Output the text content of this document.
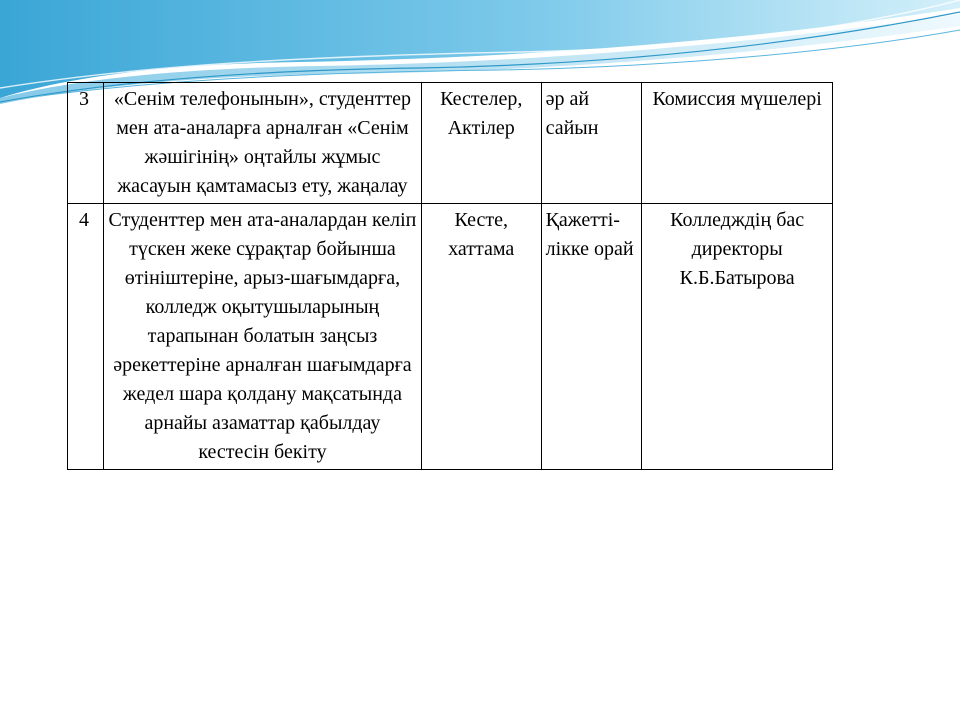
3	«Сенім телефонынын», студенттер мен ата-аналарға арналған «Сенім жәшігінің» оңтайлы жұмыс жасауын қамтамасыз ету, жаңалау	Кестелер, Актілер	әр ай сайын	Комиссия мүшелері
4	Студенттер мен ата-аналардан келіп түскен жеке сұрақтар бойынша өтініштеріне, арыз-шағымдарға, колледж оқытушыларының тарапынан болатын заңсыз әрекеттеріне арналған шағымдарға жедел шара қолдану мақсатында арнайы азаматтар қабылдау кестесін бекіту	Кесте, хаттама	Қажетті-лікке орай	Колледждің бас директоры К.Б.Батырова
